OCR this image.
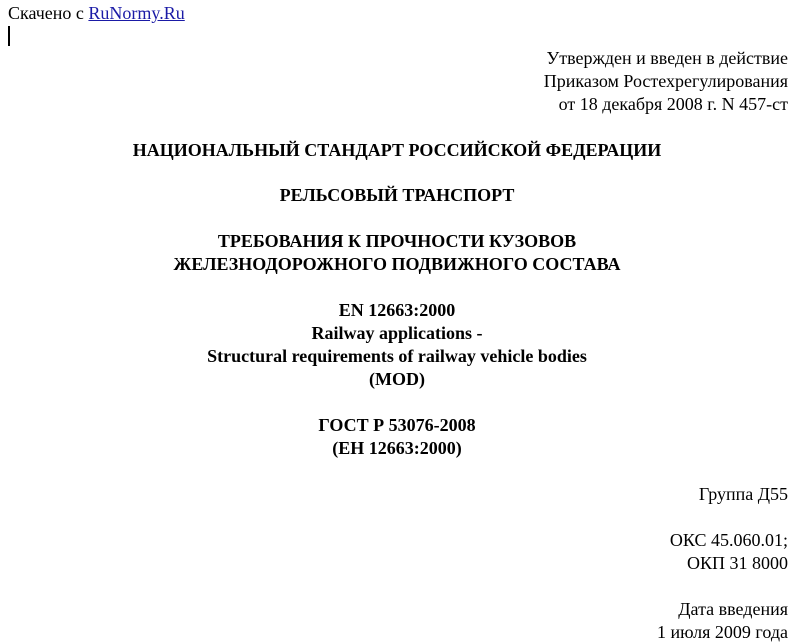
Скачено с RuNormy.Ru
Утвержден и введен в действие
Приказом Ростехрегулирования
от 18 декабря 2008 г. N 457-ст
НАЦИОНАЛЬНЫЙ СТАНДАРТ РОССИЙСКОЙ ФЕДЕРАЦИИ
РЕЛЬСОВЫЙ ТРАНСПОРТ
ТРЕБОВАНИЯ К ПРОЧНОСТИ КУЗОВОВ
ЖЕЛЕЗНОДОРОЖНОГО ПОДВИЖНОГО СОСТАВА
EN 12663:2000
Railway applications -
Structural requirements of railway vehicle bodies
(MOD)
ГОСТ Р 53076-2008
(ЕН 12663:2000)
Группа Д55
ОКС 45.060.01;
ОКП 31 8000
Дата введения
1 июля 2009 года
